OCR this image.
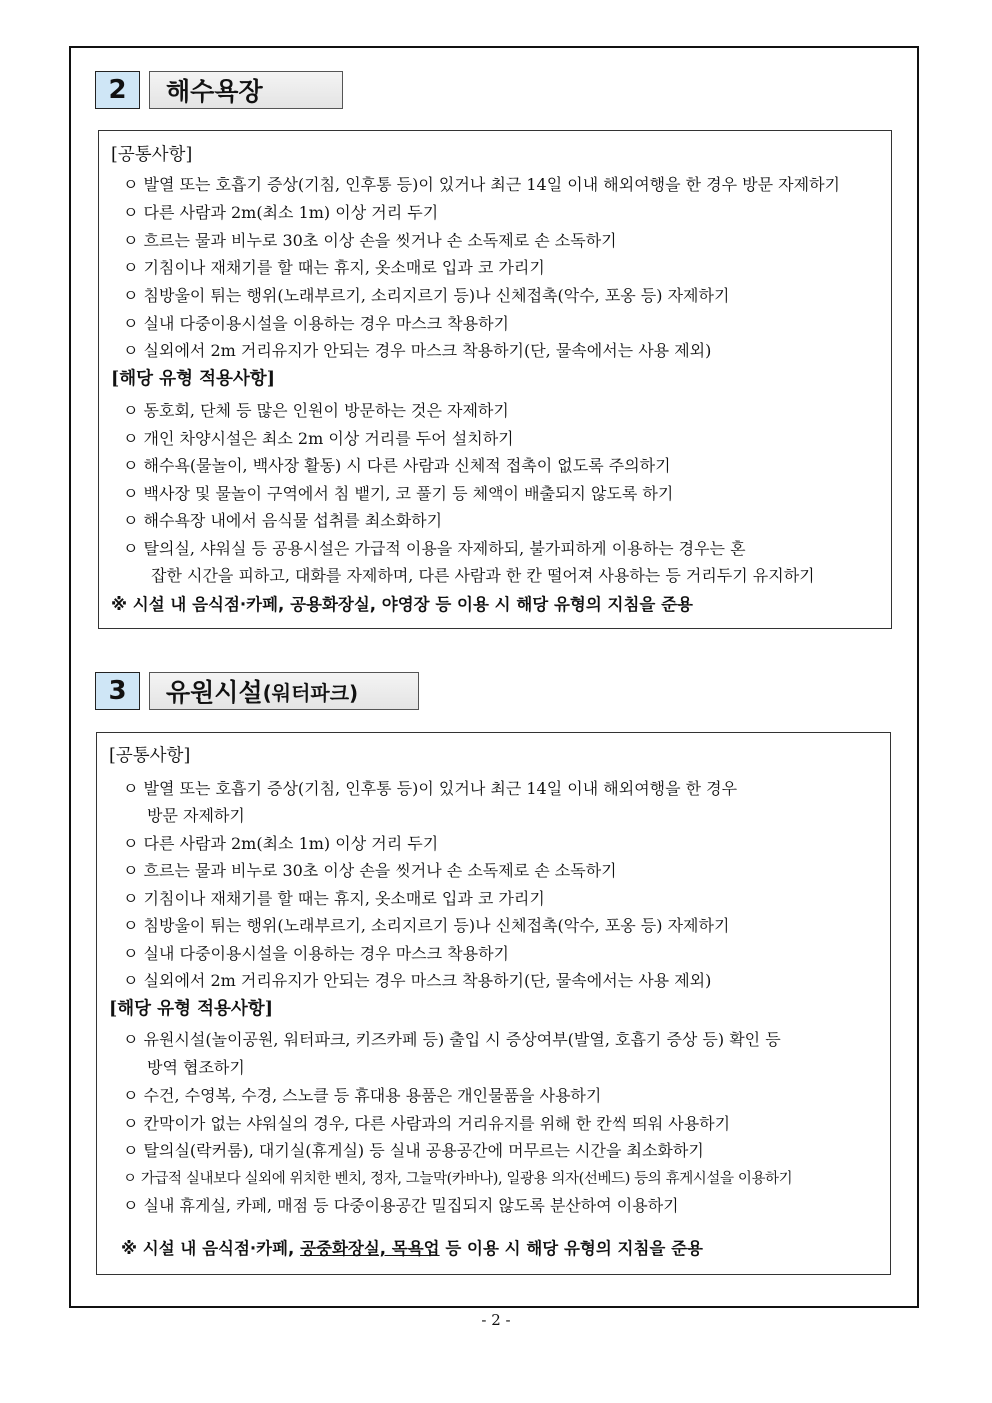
2	해수욕장
[공통사항]
ㅇ 발열 또는 호흡기 증상(기침, 인후통 등)이 있거나 최근 14일 이내 해외여행을 한 경우 방문 자제하기
ㅇ 다른 사람과 2m(최소 1m) 이상 거리 두기
ㅇ 흐르는 물과 비누로 30초 이상 손을 씻거나 손 소독제로 손 소독하기
ㅇ 기침이나 재채기를 할 때는 휴지, 옷소매로 입과 코 가리기
ㅇ 침방울이 튀는 행위(노래부르기, 소리지르기 등)나 신체접촉(악수, 포옹 등) 자제하기
ㅇ 실내 다중이용시설을 이용하는 경우 마스크 착용하기
ㅇ 실외에서 2m 거리유지가 안되는 경우 마스크 착용하기(단, 물속에서는 사용 제외)
[해당 유형 적용사항]
ㅇ 동호회, 단체 등 많은 인원이 방문하는 것은 자제하기
ㅇ 개인 차양시설은 최소 2m 이상 거리를 두어 설치하기
ㅇ 해수욕(물놀이, 백사장 활동) 시 다른 사람과 신체적 접촉이 없도록 주의하기
ㅇ 백사장 및 물놀이 구역에서 침 뱉기, 코 풀기 등 체액이 배출되지 않도록 하기
ㅇ 해수욕장 내에서 음식물 섭취를 최소화하기
ㅇ 탈의실, 샤워실 등 공용시설은 가급적 이용을 자제하되, 불가피하게 이용하는 경우는 혼
잡한 시간을 피하고, 대화를 자제하며, 다른 사람과 한 칸 떨어져 사용하는 등 거리두기 유지하기
※ 시설 내 음식점·카페, 공용화장실, 야영장 등 이용 시 해당 유형의 지침을 준용
3	유원시설 (워터파크)
[공통사항]
ㅇ 발열 또는 호흡기 증상(기침, 인후통 등)이 있거나 최근 14일 이내 해외여행을 한 경우
방문 자제하기
ㅇ 다른 사람과 2m(최소 1m) 이상 거리 두기
ㅇ 흐르는 물과 비누로 30초 이상 손을 씻거나 손 소독제로 손 소독하기
ㅇ 기침이나 재채기를 할 때는 휴지, 옷소매로 입과 코 가리기
ㅇ 침방울이 튀는 행위(노래부르기, 소리지르기 등)나 신체접촉(악수, 포옹 등) 자제하기
ㅇ 실내 다중이용시설을 이용하는 경우 마스크 착용하기
ㅇ 실외에서 2m 거리유지가 안되는 경우 마스크 착용하기(단, 물속에서는 사용 제외)
[해당 유형 적용사항]
ㅇ 유원시설(놀이공원, 워터파크, 키즈카페 등) 출입 시 증상여부(발열, 호흡기 증상 등) 확인 등
방역 협조하기
ㅇ 수건, 수영복, 수경, 스노클 등 휴대용 용품은 개인물품을 사용하기
ㅇ 칸막이가 없는 샤워실의 경우, 다른 사람과의 거리유지를 위해 한 칸씩 띄워 사용하기
ㅇ 탈의실(락커룸), 대기실(휴게실) 등 실내 공용공간에 머무르는 시간을 최소화하기
ㅇ 가급적 실내보다 실외에 위치한 벤치, 정자, 그늘막(카바나), 일광용 의자(선베드) 등의 휴게시설을 이용하기
ㅇ 실내 휴게실, 카페, 매점 등 다중이용공간 밀집되지 않도록 분산하여 이용하기
※ 시설 내 음식점·카페, 공중화장실, 목욕업 등 이용 시 해당 유형의 지침을 준용
- 2 -
